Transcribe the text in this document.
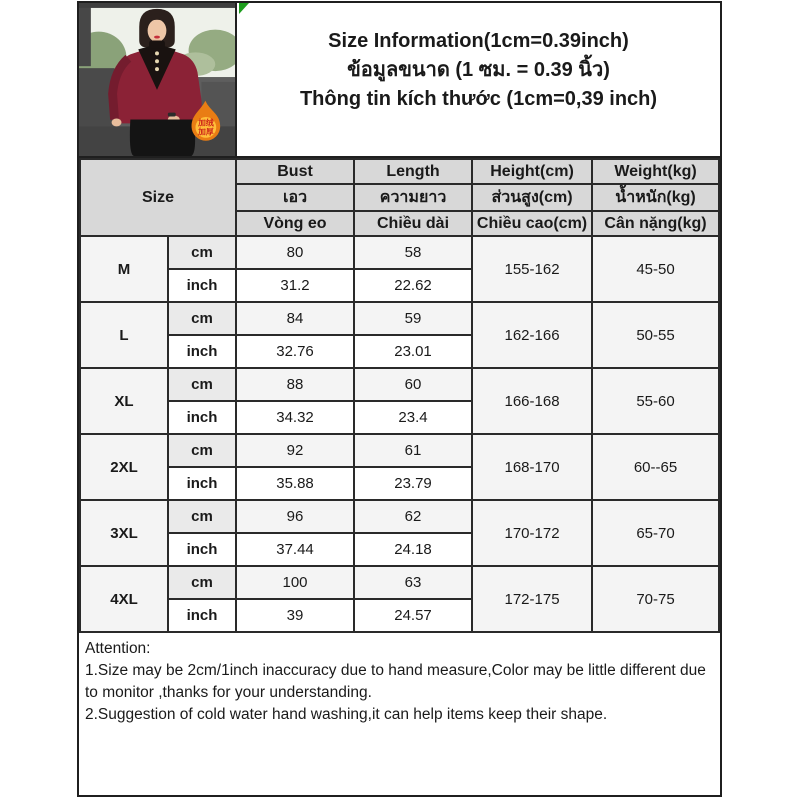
加绒
加厚
Size Information(1cm=0.39inch)
ข้อมูลขนาด (1 ซม. = 0.39 นิ้ว)
Thông tin kích thước (1cm=0,39 inch)
Size		Bust	Length	Height(cm)	Weight(kg)
		เอว	ความยาว	ส่วนสูง(cm)	น้ำหนัก(kg)
		Vòng eo	Chiều dài	Chiều cao(cm)	Cân nặng(kg)
M	cm	80	58	155-162	45-50
	inch	31.2	22.62		
L	cm	84	59	162-166	50-55
	inch	32.76	23.01		
XL	cm	88	60	166-168	55-60
	inch	34.32	23.4		
2XL	cm	92	61	168-170	60--65
	inch	35.88	23.79		
3XL	cm	96	62	170-172	65-70
	inch	37.44	24.18		
4XL	cm	100	63	172-175	70-75
	inch	39	24.57		
Attention:
1.Size may be 2cm/1inch inaccuracy due to hand measure,Color may be little different due to monitor ,thanks for your understanding.
2.Suggestion of cold water hand washing,it can help items keep their shape.
